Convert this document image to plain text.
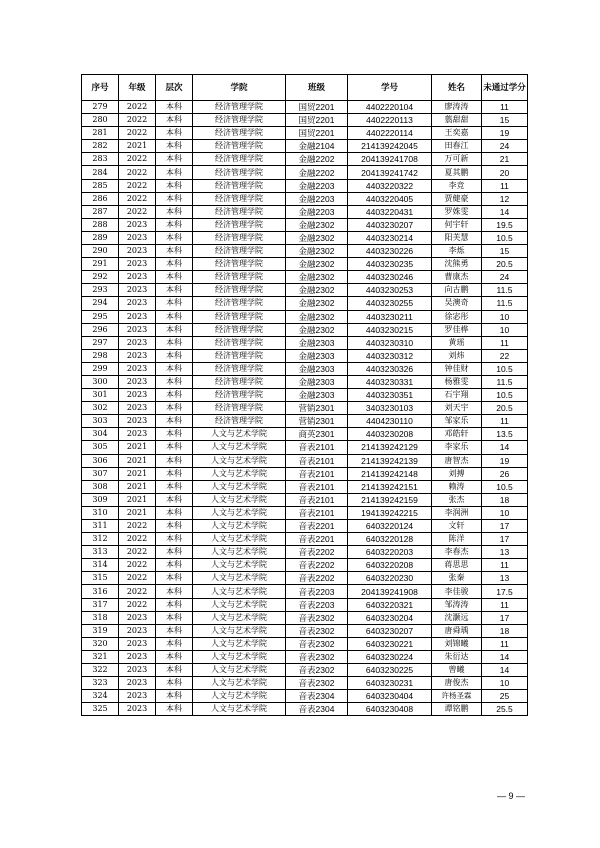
序号	年级	层次	学院	班级	学号	姓名	未通过学分
279	2022	本科	经济管理学院	国贸2201	4402220104	廖涛涛	11
280	2022	本科	经济管理学院	国贸2201	4402220113	翦甜甜	15
281	2022	本科	经济管理学院	国贸2201	4402220114	王奕嘉	19
282	2021	本科	经济管理学院	金融2104	214139242045	田春江	24
283	2022	本科	经济管理学院	金融2202	204139241708	万可新	21
284	2022	本科	经济管理学院	金融2202	204139241742	夏其鹏	20
285	2022	本科	经济管理学院	金融2203	4403220322	李竞	11
286	2022	本科	经济管理学院	金融2203	4403220405	贾健豪	12
287	2022	本科	经济管理学院	金融2203	4403220431	罗姝雯	14
288	2023	本科	经济管理学院	金融2302	4403230207	何宇轩	19.5
289	2023	本科	经济管理学院	金融2302	4403230214	阳芙慧	10.5
290	2023	本科	经济管理学院	金融2302	4403230226	李烁	15
291	2023	本科	经济管理学院	金融2302	4403230235	沈熊勇	20.5
292	2023	本科	经济管理学院	金融2302	4403230246	曹康杰	24
293	2023	本科	经济管理学院	金融2302	4403230253	向古鹏	11.5
294	2023	本科	经济管理学院	金融2302	4403230255	吴澳奇	11.5
295	2023	本科	经济管理学院	金融2302	4403230211	徐宓彤	10
296	2023	本科	经济管理学院	金融2302	4403230215	罗佳桦	10
297	2023	本科	经济管理学院	金融2303	4403230310	黄瑶	11
298	2023	本科	经济管理学院	金融2303	4403230312	刘炜	22
299	2023	本科	经济管理学院	金融2303	4403230326	钟佳财	10.5
300	2023	本科	经济管理学院	金融2303	4403230331	杨雅雯	11.5
301	2023	本科	经济管理学院	金融2303	4403230351	石宇翔	10.5
302	2023	本科	经济管理学院	营销2301	3403230103	刘天宇	20.5
303	2023	本科	经济管理学院	营销2301	4404230110	邹家乐	11
304	2023	本科	人文与艺术学院	商英2301	4403230208	邓皓轩	13.5
305	2021	本科	人文与艺术学院	音表2101	214139242129	李家乐	14
306	2021	本科	人文与艺术学院	音表2101	214139242139	唐智杰	19
307	2021	本科	人文与艺术学院	音表2101	214139242148	刘搏	26
308	2021	本科	人文与艺术学院	音表2101	214139242151	赖涛	10.5
309	2021	本科	人文与艺术学院	音表2101	214139242159	张杰	18
310	2021	本科	人文与艺术学院	音表2101	194139242215	李润洲	10
311	2022	本科	人文与艺术学院	音表2201	6403220124	文轩	17
312	2022	本科	人文与艺术学院	音表2201	6403220128	陈洋	17
313	2022	本科	人文与艺术学院	音表2202	6403220203	李春杰	13
314	2022	本科	人文与艺术学院	音表2202	6403220208	蒋思思	11
315	2022	本科	人文与艺术学院	音表2202	6403220230	张秦	13
316	2022	本科	人文与艺术学院	音表2203	204139241908	李佳骏	17.5
317	2022	本科	人文与艺术学院	音表2203	6403220321	邹涛涛	11
318	2023	本科	人文与艺术学院	音表2302	6403230204	沈灏远	17
319	2023	本科	人文与艺术学院	音表2302	6403230207	唐舜瑀	18
320	2023	本科	人文与艺术学院	音表2302	6403230221	刘锦曦	11
321	2023	本科	人文与艺术学院	音表2302	6403230224	朱衍达	14
322	2023	本科	人文与艺术学院	音表2302	6403230225	曾曦	14
323	2023	本科	人文与艺术学院	音表2302	6403230231	唐俊杰	10
324	2023	本科	人文与艺术学院	音表2304	6403230404	许杨圣霖	25
325	2023	本科	人文与艺术学院	音表2304	6403230408	谭铭鹏	25.5
— 9 —
